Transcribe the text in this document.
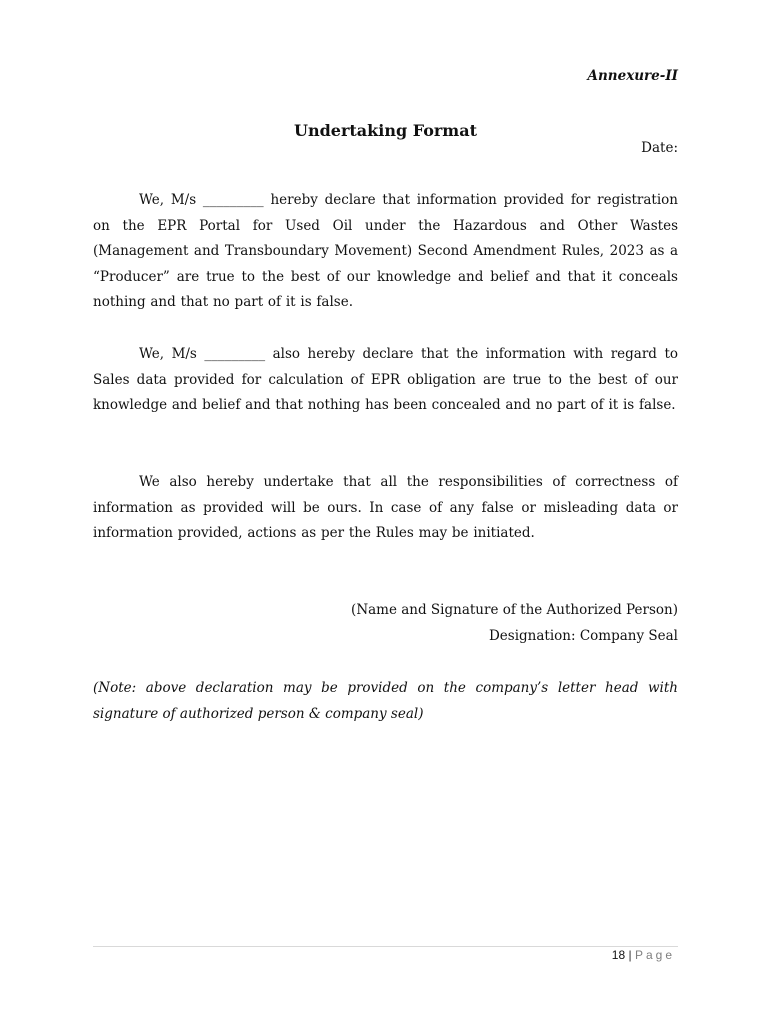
Annexure-II
Undertaking Format
Date:

We, M/s _________ hereby declare that information provided for registration on the EPR Portal for Used Oil under the Hazardous and Other Wastes (Management and Transboundary Movement) Second Amendment Rules, 2023 as a “Producer” are true to the best of our knowledge and belief and that it conceals nothing and that no part of it is false.

We, M/s _________ also hereby declare that the information with regard to Sales data provided for calculation of EPR obligation are true to the best of our knowledge and belief and that nothing has been concealed and no part of it is false.

We also hereby undertake that all the responsibilities of correctness of information as provided will be ours. In case of any false or misleading data or information provided, actions as per the Rules may be initiated.

(Name and Signature of the Authorized Person)
Designation: Company Seal

(Note: above declaration may be provided on the company’s letter head with signature of authorized person & company seal)

18 | Page
